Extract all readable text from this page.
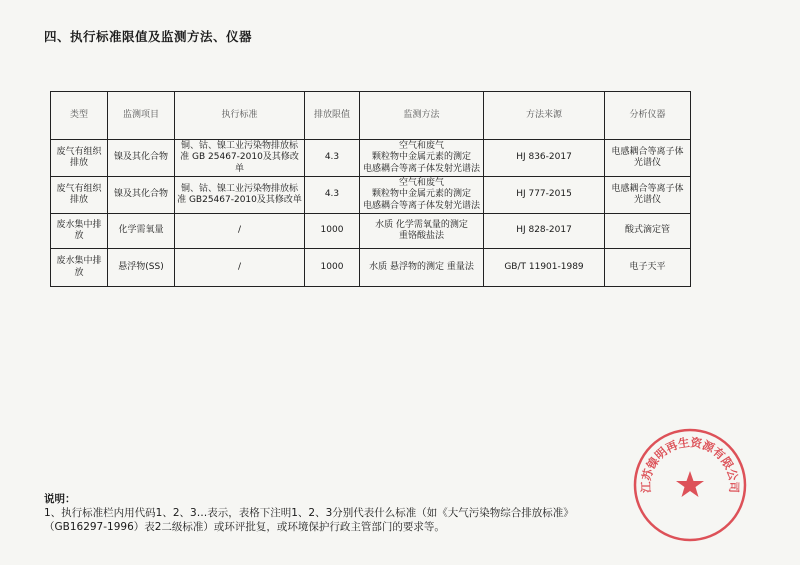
四、执行标准限值及监测方法、仪器
类型	监测项目	执行标准	排放限值	监测方法	方法来源	分析仪器

废气有组织
排放	镍及其化合物	铜、钴、镍工业污染物排放标
准 GB 25467-2010及其修改单	4.3	空气和废气
颗粒物中金属元素的测定
电感耦合等离子体发射光谱法	HJ 836-2017	电感耦合等离子体
光谱仪

废气有组织
排放	镍及其化合物	铜、钴、镍工业污染物排放标
准 GB25467-2010及其修改单	4.3	空气和废气
颗粒物中金属元素的测定
电感耦合等离子体发射光谱法	HJ 777-2015	电感耦合等离子体
光谱仪

废水集中排
放	化学需氧量	/	1000	水质 化学需氧量的测定
重铬酸盐法	HJ 828-2017	酸式滴定管

废水集中排
放	悬浮物(SS)	/	1000	水质 悬浮物的测定 重量法	GB/T 11901-1989	电子天平
说明：
1、执行标准栏内用代码1、2、3…表示，表格下注明1、2、3分别代表什么标准（如《大气污染物综合排放标准》（GB16297-1996）表2二级标准）或环评批复，或环境保护行政主管部门的要求等。
江苏镍明再生资源有限公司
